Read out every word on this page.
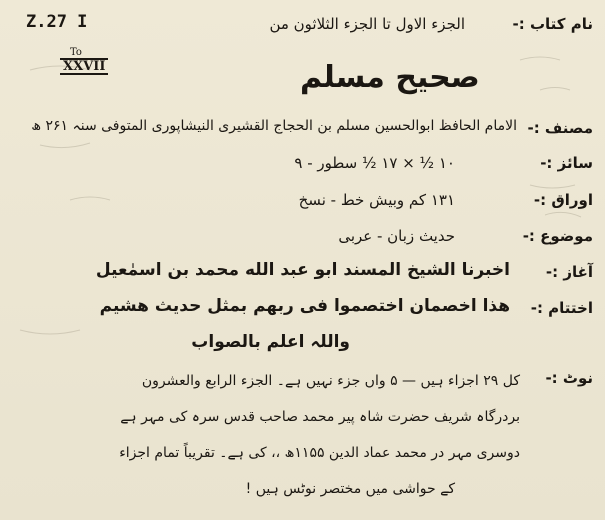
Z.27 I
To
XXVII
نام کتاب :-
الجزء الاول تا الجزء الثلاثون من
صحیح مسلم
مصنف :-
الامام الحافظ ابوالحسین مسلم بن الحجاج القشیری النیشاپوری المتوفی سنہ ۲۶۱ ھ
سائز :-
۱۰ ½ × ۱۷ ½ سطور - ۹
اوراق :-
۱۳۱ کم وبیش خط - نسخ
موضوع :-
حدیث زبان - عربی
آغاز :-
اخبرنا الشیخ المسند ابو عبد الله محمد بن اسمٰعیل
اختتام :-
ھذا اخصمان اختصموا فی ربھم بمثل حدیث ھشیم
واللہ اعلم بالصواب
نوٹ :-
کل ۲۹ اجزاء ہیں — ۵ واں جزء نہیں ہے۔ الجزء الرابع والعشرون
بردرگاہ شریف حضرت شاہ پیر محمد صاحب قدس سرہ کی مہر ہے
دوسری مہر در محمد عماد الدین ۱۱۵۵ھ ،، کی ہے۔ تقریباً تمام اجزاء
کے حواشی میں مختصر نوٹس ہیں !
